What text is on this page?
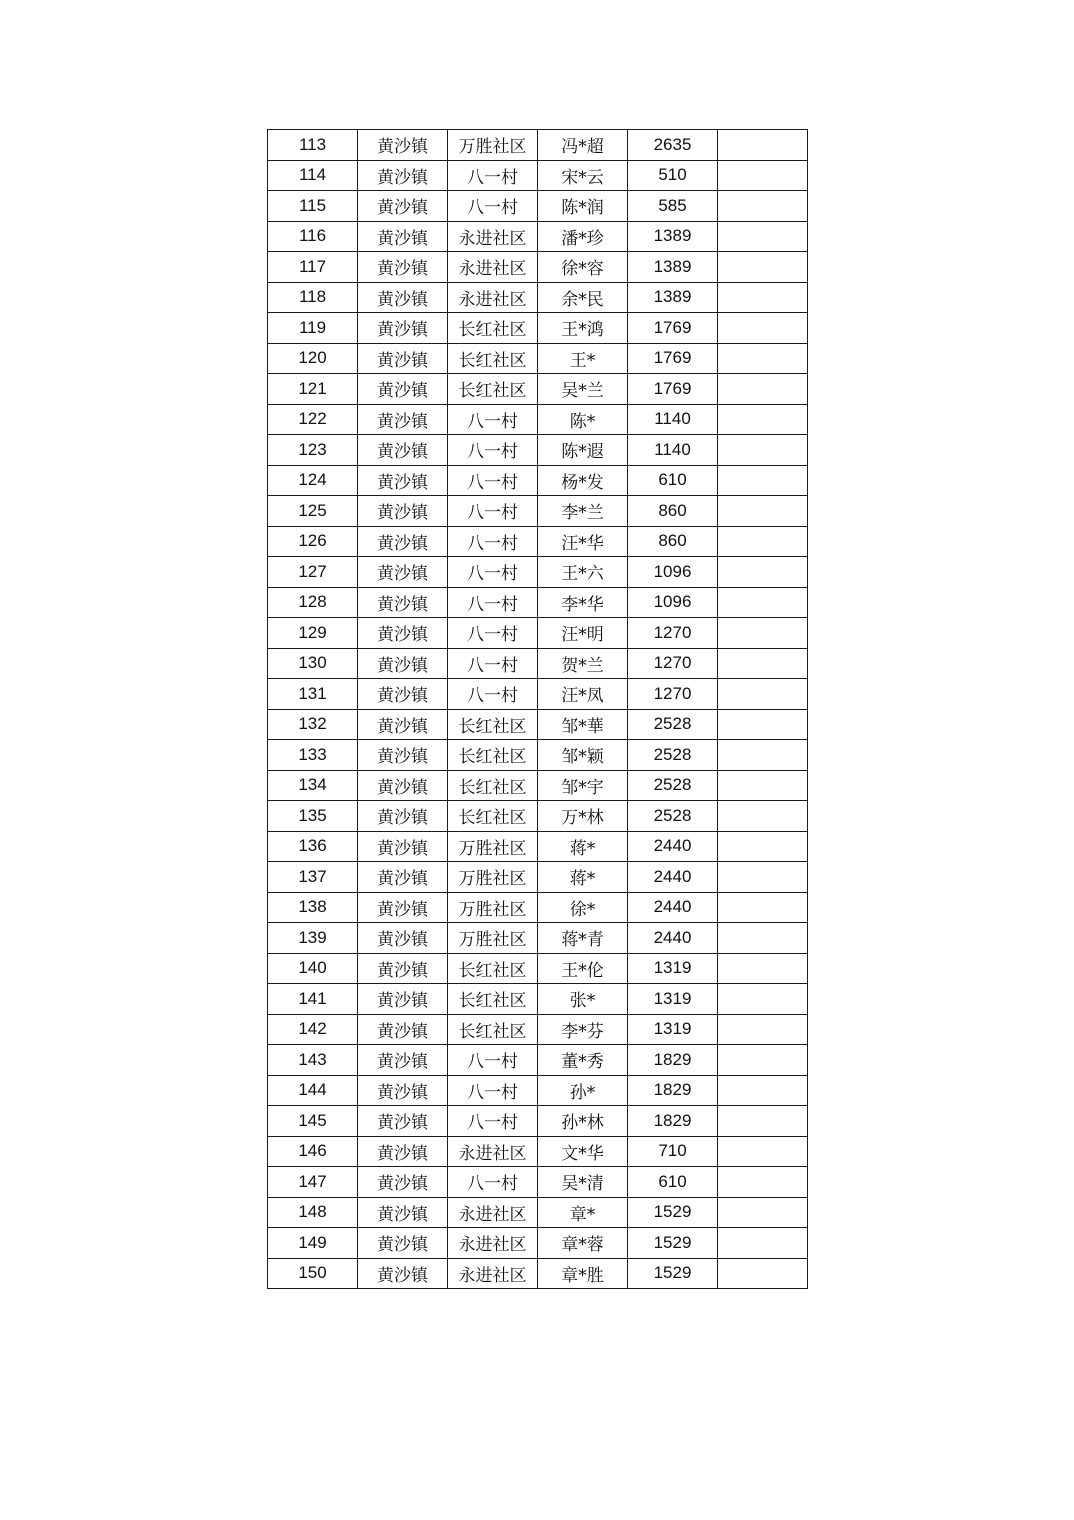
113	黄沙镇	万胜社区	冯*超	2635	
114	黄沙镇	八一村	宋*云	510	
115	黄沙镇	八一村	陈*润	585	
116	黄沙镇	永进社区	潘*珍	1389	
117	黄沙镇	永进社区	徐*容	1389	
118	黄沙镇	永进社区	余*民	1389	
119	黄沙镇	长红社区	王*鸿	1769	
120	黄沙镇	长红社区	王*	1769	
121	黄沙镇	长红社区	吴*兰	1769	
122	黄沙镇	八一村	陈*	1140	
123	黄沙镇	八一村	陈*遐	1140	
124	黄沙镇	八一村	杨*发	610	
125	黄沙镇	八一村	李*兰	860	
126	黄沙镇	八一村	汪*华	860	
127	黄沙镇	八一村	王*六	1096	
128	黄沙镇	八一村	李*华	1096	
129	黄沙镇	八一村	汪*明	1270	
130	黄沙镇	八一村	贺*兰	1270	
131	黄沙镇	八一村	汪*凤	1270	
132	黄沙镇	长红社区	邹*華	2528	
133	黄沙镇	长红社区	邹*颖	2528	
134	黄沙镇	长红社区	邹*宇	2528	
135	黄沙镇	长红社区	万*林	2528	
136	黄沙镇	万胜社区	蒋*	2440	
137	黄沙镇	万胜社区	蒋*	2440	
138	黄沙镇	万胜社区	徐*	2440	
139	黄沙镇	万胜社区	蒋*青	2440	
140	黄沙镇	长红社区	王*伦	1319	
141	黄沙镇	长红社区	张*	1319	
142	黄沙镇	长红社区	李*芬	1319	
143	黄沙镇	八一村	董*秀	1829	
144	黄沙镇	八一村	孙*	1829	
145	黄沙镇	八一村	孙*林	1829	
146	黄沙镇	永进社区	文*华	710	
147	黄沙镇	八一村	吴*清	610	
148	黄沙镇	永进社区	章*	1529	
149	黄沙镇	永进社区	章*蓉	1529	
150	黄沙镇	永进社区	章*胜	1529	
